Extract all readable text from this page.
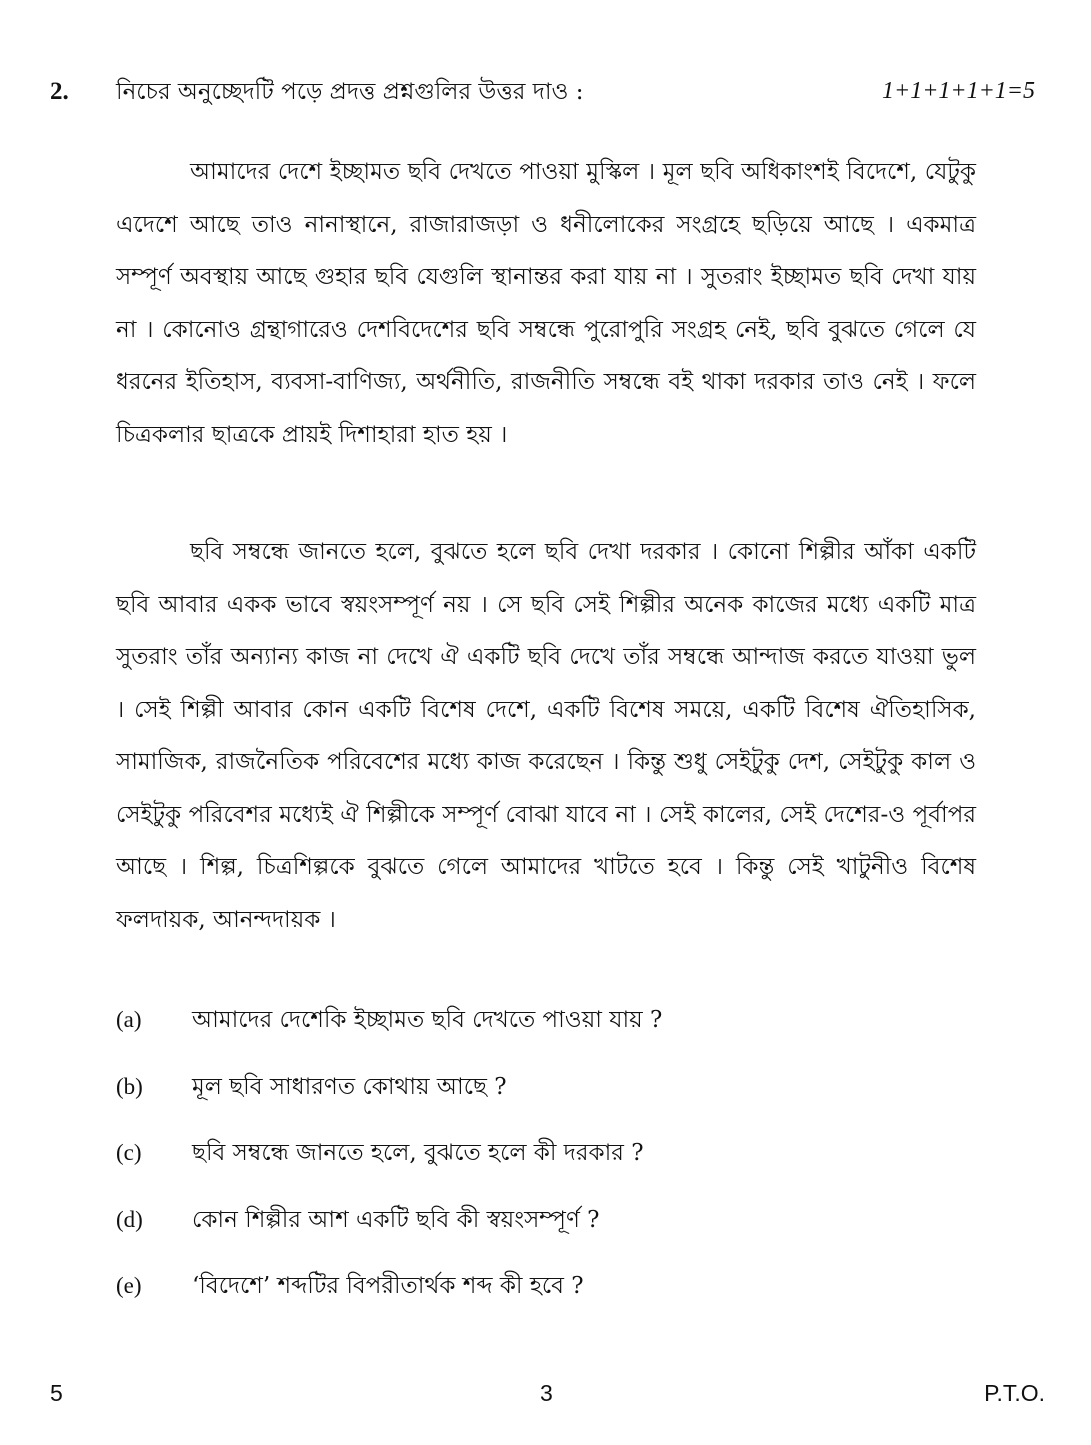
2. নিচের অনুচ্ছেদটি পড়ে প্রদত্ত প্রশ্নগুলির উত্তর দাও :	1+1+1+1+1=5

আমাদের দেশে ইচ্ছামত ছবি দেখতে পাওয়া মুস্কিল । মূল ছবি অধিকাংশই বিদেশে, যেটুকু এদেশে আছে তাও নানাস্থানে, রাজারাজড়া ও ধনীলোকের সংগ্রহে ছড়িয়ে আছে । একমাত্র সম্পূর্ণ অবস্থায় আছে গুহার ছবি যেগুলি স্থানান্তর করা যায় না । সুতরাং ইচ্ছামত ছবি দেখা যায় না । কোনোও গ্রন্থাগারেও দেশবিদেশের ছবি সম্বন্ধে পুরোপুরি সংগ্রহ নেই, ছবি বুঝতে গেলে যে ধরনের ইতিহাস, ব্যবসা-বাণিজ্য, অর্থনীতি, রাজনীতি সম্বন্ধে বই থাকা দরকার তাও নেই । ফলে চিত্রকলার ছাত্রকে প্রায়ই দিশাহারা হাত হয় ।

ছবি সম্বন্ধে জানতে হলে, বুঝতে হলে ছবি দেখা দরকার । কোনো শিল্পীর আঁকা একটি ছবি আবার একক ভাবে স্বয়ংসম্পূর্ণ নয় । সে ছবি সেই শিল্পীর অনেক কাজের মধ্যে একটি মাত্র সুতরাং তাঁর অন্যান্য কাজ না দেখে ঐ একটি ছবি দেখে তাঁর সম্বন্ধে আন্দাজ করতে যাওয়া ভুল । সেই শিল্পী আবার কোন একটি বিশেষ দেশে, একটি বিশেষ সময়ে, একটি বিশেষ ঐতিহাসিক, সামাজিক, রাজনৈতিক পরিবেশের মধ্যে কাজ করেছেন । কিন্তু শুধু সেইটুকু দেশ, সেইটুকু কাল ও সেইটুকু পরিবেশর মধ্যেই ঐ শিল্পীকে সম্পূর্ণ বোঝা যাবে না । সেই কালের, সেই দেশের-ও পূর্বাপর আছে । শিল্প, চিত্রশিল্পকে বুঝতে গেলে আমাদের খাটতে হবে । কিন্তু সেই খাটুনীও বিশেষ ফলদায়ক, আনন্দদায়ক ।

(a)	আমাদের দেশেকি ইচ্ছামত ছবি দেখতে পাওয়া যায় ?
(b)	মূল ছবি সাধারণত কোথায় আছে ?
(c)	ছবি সম্বন্ধে জানতে হলে, বুঝতে হলে কী দরকার ?
(d)	কোন শিল্পীর আশ একটি ছবি কী স্বয়ংসম্পূর্ণ ?
(e)	‘বিদেশে’ শব্দটির বিপরীতার্থক শব্দ কী হবে ?
5	3	P.T.O.
